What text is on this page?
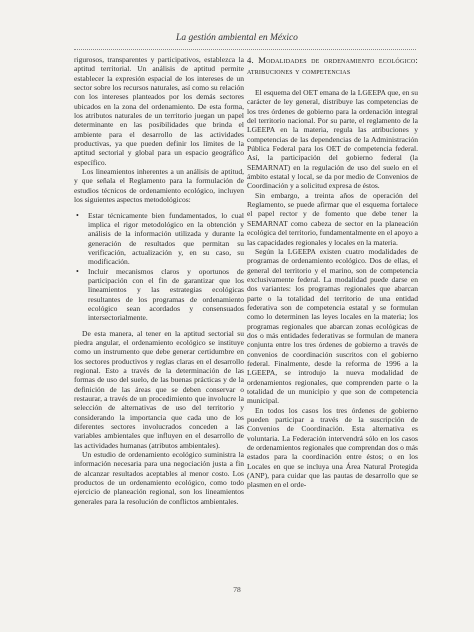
La gestión ambiental en México

rigurosos, transparentes y participativos, establezca la aptitud territorial. Un análisis de aptitud permite establecer la expresión espacial de los intereses de un sector sobre los recursos naturales, así como su relación con los intereses planteados por los demás sectores ubicados en la zona del ordenamiento. De esta forma, los atributos naturales de un territorio juegan un papel determinante en las posibilidades que brinda el ambiente para el desarrollo de las actividades productivas, ya que pueden definir los límites de la aptitud sectorial y global para un espacio geográfico específico.

Los lineamientos inherentes a un análisis de aptitud, y que señala el Reglamento para la formulación de estudios técnicos de ordenamiento ecológico, incluyen los siguientes aspectos metodológicos:

• Estar técnicamente bien fundamentados, lo cual implica el rigor metodológico en la obtención y análisis de la información utilizada y durante la generación de resultados que permitan su verificación, actualización y, en su caso, su modificación.
• Incluir mecanismos claros y oportunos de participación con el fin de garantizar que los lineamientos y las estrategias ecológicas resultantes de los programas de ordenamiento ecológico sean acordados y consensuados intersectorialmente.

De esta manera, al tener en la aptitud sectorial su piedra angular, el ordenamiento ecológico se instituye como un instrumento que debe generar certidumbre en los sectores productivos y reglas claras en el desarrollo regional. Esto a través de la determinación de las formas de uso del suelo, de las buenas prácticas y de la definición de las áreas que se deben conservar o restaurar, a través de un procedimiento que involucre la selección de alternativas de uso del territorio y considerando la importancia que cada uno de los diferentes sectores involucrados conceden a las variables ambientales que influyen en el desarrollo de las actividades humanas (atributos ambientales).

Un estudio de ordenamiento ecológico suministra la información necesaria para una negociación justa a fin de alcanzar resultados aceptables al menor costo. Los productos de un ordenamiento ecológico, como todo ejercicio de planeación regional, son los lineamientos generales para la resolución de conflictos ambientales.

4. Modalidades de ordenamiento ecológico: atribuciones y competencias

El esquema del OET emana de la LGEEPA que, en su carácter de ley general, distribuye las competencias de los tres órdenes de gobierno para la ordenación integral del territorio nacional. Por su parte, el reglamento de la LGEEPA en la materia, regula las atribuciones y competencias de las dependencias de la Administración Pública Federal para los OET de competencia federal. Así, la participación del gobierno federal (la SEMARNAT) en la regulación de uso del suelo en el ámbito estatal y local, se da por medio de Convenios de Coordinación y a solicitud expresa de éstos.

Sin embargo, a treinta años de operación del Reglamento, se puede afirmar que el esquema fortalece el papel rector y de fomento que debe tener la SEMARNAT como cabeza de sector en la planeación ecológica del territorio, fundamentalmente en el apoyo a las capacidades regionales y locales en la materia.

Según la LGEEPA existen cuatro modalidades de programas de ordenamiento ecológico. Dos de ellas, el general del territorio y el marino, son de competencia exclusivamente federal. La modalidad puede darse en dos variantes: los programas regionales que abarcan parte o la totalidad del territorio de una entidad federativa son de competencia estatal y se formulan como lo determinen las leyes locales en la materia; los programas regionales que abarcan zonas ecológicas de dos o más entidades federativas se formulan de manera conjunta entre los tres órdenes de gobierno a través de convenios de coordinación suscritos con el gobierno federal. Finalmente, desde la reforma de 1996 a la LGEEPA, se introdujo la nueva modalidad de ordenamientos regionales, que comprenden parte o la totalidad de un municipio y que son de competencia municipal.

En todos los casos los tres órdenes de gobierno pueden participar a través de la suscripción de Convenios de Coordinación. Esta alternativa es voluntaria. La Federación intervendrá sólo en los casos de ordenamientos regionales que comprendan dos o más estados para la coordinación entre éstos; o en los Locales en que se incluya una Área Natural Protegida (ANP), para cuidar que las pautas de desarrollo que se plasmen en el orde-

78
